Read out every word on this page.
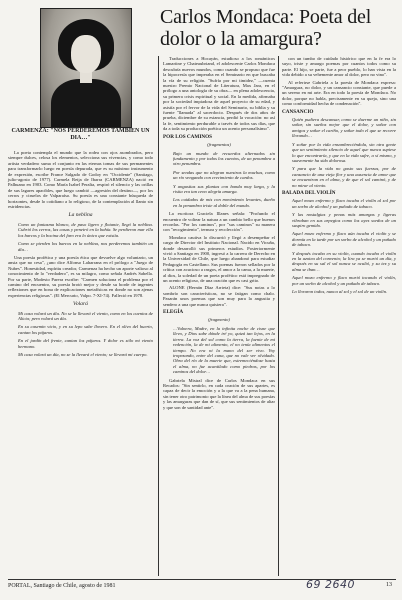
Carlos Mondaca: Poeta del dolor o la amargura?
CARMENZA: "NOS PERDEREMOS TAMBIEN UN DIA…"

La poeta contempla el mundo que la rodea con ojos asombrados, pero siempre dulces, celosa los elementos, selecciona sus vivencias, y como todo artista verdadero suma el conjunto en las eternas tomas de sus permanentes para transformarlo luego en poesía depurada, que es su máximo instrumento de expresión, escribe France Salgado de Godoy en "Occidente" (Santiago, julio-agosto de 1977). Carmela Reija de Ibarra (CARMENZA) nació en Palhuano en 1903. Como María Isabel Peralta, respiró el silencio y las orillas de sus lagares apacibles, que luego cambió —agresión del destino—, por los cerros y ciruelos de Valparaíso. Su poesía es una constante búsqueda de horizontes, desde lo cotidiano a lo religioso, de la contemplación al llanto sin estridencias.

La neblina

Como un fantasma blanco, de paso ligero y flotante, llegó la neblina. Cubrió los cerros, las casas y penetró en la bahía. Se perdieron mar ella los barcos y la bocina del faro era lo único que existía.

Como se pierden los barcos en la neblina, nos perderemos también un día…

Una poesía profética y una poesía ética que devuelve algo voluntario, un ansia que no cesa", ¿uno dice Alfonso Laharrana en el prólogo a "Juego de Nubes". Honestidad, espíritu creador, Carmenza ha hecho un aporte valioso al conocimiento de lo "verdadero", es su milagro, como señala Andrés Sabella. Por su parte, Modesto Parera escribe: "Carmen soluciona el problema por el camino del encuentro, su poesía brotó mejor y desde su borde de ingentes reflexiones que en bona de explicaciones metafísicas en donde no son ajenas experiencias religiosas". (El Mercurio, Valpo. 7-XI-74). Falleció en 1978.

Volará

Mi casa volará un día. No se la llevará el viento, como en los cuentos de Alicia; pero volará un día.

En su casemin vicio, y en su lepo sabe llovero. En el olivo del huerto, cantan los pájaros.

En el jardín del frente, cantan los pájaros. Y dolor es sólo mi viento hermano.

Mi casa volará un día, no se la llevará el viento; se llevará mi cuerpo.

Traducciones a Hocayán, estudioso a los románticos Lamartine y Chateaubriand, el adolescente Carlos Mondaca descubría nuevos mundos, como cuando se propuso que fue la hipocresía que imperaba en el Seminario en que buscaba la vía de su religión. "Sufría por mi timidez," —cuenta nuestro Premio Nacional de Literatura, Max Jara, en el prólogo a una antología de su obra— en plena adolescencia, su primera crisis espiritual y social. En la medida, afirmaba por la sociedad impiadosa de aquel proyecto de su edad, y asistía por el fervor de la vida del Seminario, su biblia y su fuente "llamada" al sacerdocio. Después de dos años de prueba, diciembre de su estancia, perdió la vocación: no así la fe, sentimiento perdurable a través de todos sus días, que da a toda su producción poética un acento personalísimo".

POR LOS CAMINOS
(fragmentos)

Bajo un mundo de recuerdos alternados sin fundamento y por todos los cuentos, de un penumbra a otro penumbra.

Por sendas que no alegran nuestras la muchas, como un río vengando con crecimiento de cardos.

Y angustias sus plantas con banda muy larga, y la risita era tan ceno alegría amarga.

Los cuidados de mis con movimiento levantes, dueño en la penumbra triste al doble del mundo.

La escritora Graciela Illanes señala: "Profundo el encuentro de voltear la natura a un cambio bello que buenos recordas. "Por los caminos", por "sus caminos" su manera con "recogimiento", ternura y recolección".

Mondaca cautiva lo discurrió y llegó a desempeñar el cargo de Director del Instituto Nacional. Nacido en Vicuña, donde desarrolló sus primeros estudios. Posteriormente vivió a Santiago en 1900, ingresó a la carrera de Derecho en la Universidad de Chile, que luego abandonó para estudiar Pedagogía en Castellano. Sus poemas fueron sellados por la crítica con acucioso a rasgos, el amor a la cama, a la muerte, al dios, la soledad de un poeta profético está impregnado de un acento religioso, de una oración que es casi grito.

ALONE (Hernán Díaz Arrieta) dice: "Sus notas a lo sombrío son características, no se fatigan como chalo. Pasarán unos poemas que son muy para la angustia y sendero a una que nunca quisiera".

ELEGÍA
(fragmento)

…Vulnera, Madre, en la infinita noche de cisne que llevo, y Dios sabe dónde iré yo, quizá tan lejos, en la tierra. La voz del sol como la tierra, la fuente de mi redención, la de mi alimento, el no tenía alimentos el tiempo. No era ni la mano del ser vivo. Voy tropezando, entre del cuna, que no vale ver olvidado. Obra del río de la muerte que, estremeciéndose hasta el alma, no fue acantilado como piedras, por los caminos del dolor…

Gabriela Mistral dice de Carlos Mondaca en sus Recados: "Sin sentirlo, en cada oración de sus apartes, es capaz de decir la emoción y a la que va a la pena humana, sin tener otro patrimonio que la línea del alma de sus poesías y las amarguras que dan de sí, que sus sentimientos de altar y que son de santidad ante".

con un tumbo de cuidado histórico que en la fe era lo suyo, triste y amargo poemas por cuantos todos como su parte. El hijo, se parte, fue a peor pueblo, lo han vista en la vida debido a su vehemente amor al dolor, pero no vino".

Al referirse Gabriela a la poesía de Mondaca expresa: "Amargura, no dolor, y un cansancio constante, que puede a un sereno en mi arte. Era en todo la poesía de Mondaca. No dolor, porque no habla, precisamente en su queja, sino una como conformidad hecha de condenación".

CANSANCIO

Quién pudiera descansar, como se duerme un niño, sin soñar, sin sueños mejor que el dolor, y soñar con amigos y soñar el cariño, y soñar todo el que se recorre llorando…

Y soñar por la vida ensombreciéndola, sin otra gente que un sentimiento silencio de aquel que nunca supiese lo que encontraría, y que en la vida sufre, a sí mismo, y suavemente ha sido dolorosa.

Y para que la vida no gasto sus fuerzas, por de cansancio de una vieja flor y una ausencia de amor que se encuentran en el alma, y de que el sol caminó, y de no mirar al viento.

BALADA DEL VIOLÍN

Aquel mozo enfermo y flaco tocaba el violín al sol por un sorbo de alcohol y un puñado de tabaco.

Y las nostalgias y penas más amargas y ligeras vibraban en sus arpegios como los ayes sordos de un suspiro gemido.

Aquel mozo enfermo y flaco aún tocaba el violín y se dormía en la tarde por un sorbo de alcohol y un puñado de tabaco.

Y después tocaba en su violín, cuando tocaba el violín en la azotea del convento; la lira ya se murió un día, y después en su sal el sol nunca se ocultó, y su tez y su alma se iban…

Aquel mozo enfermo y flaco murió tocando el violín, por un sorbo de alcohol y un puñado de tabaco.

Lo lloraron todos, nunca al sol y el sol de un violín.

PORTAL, Santiago de Chile, agosto de 1981	69 2640	13
